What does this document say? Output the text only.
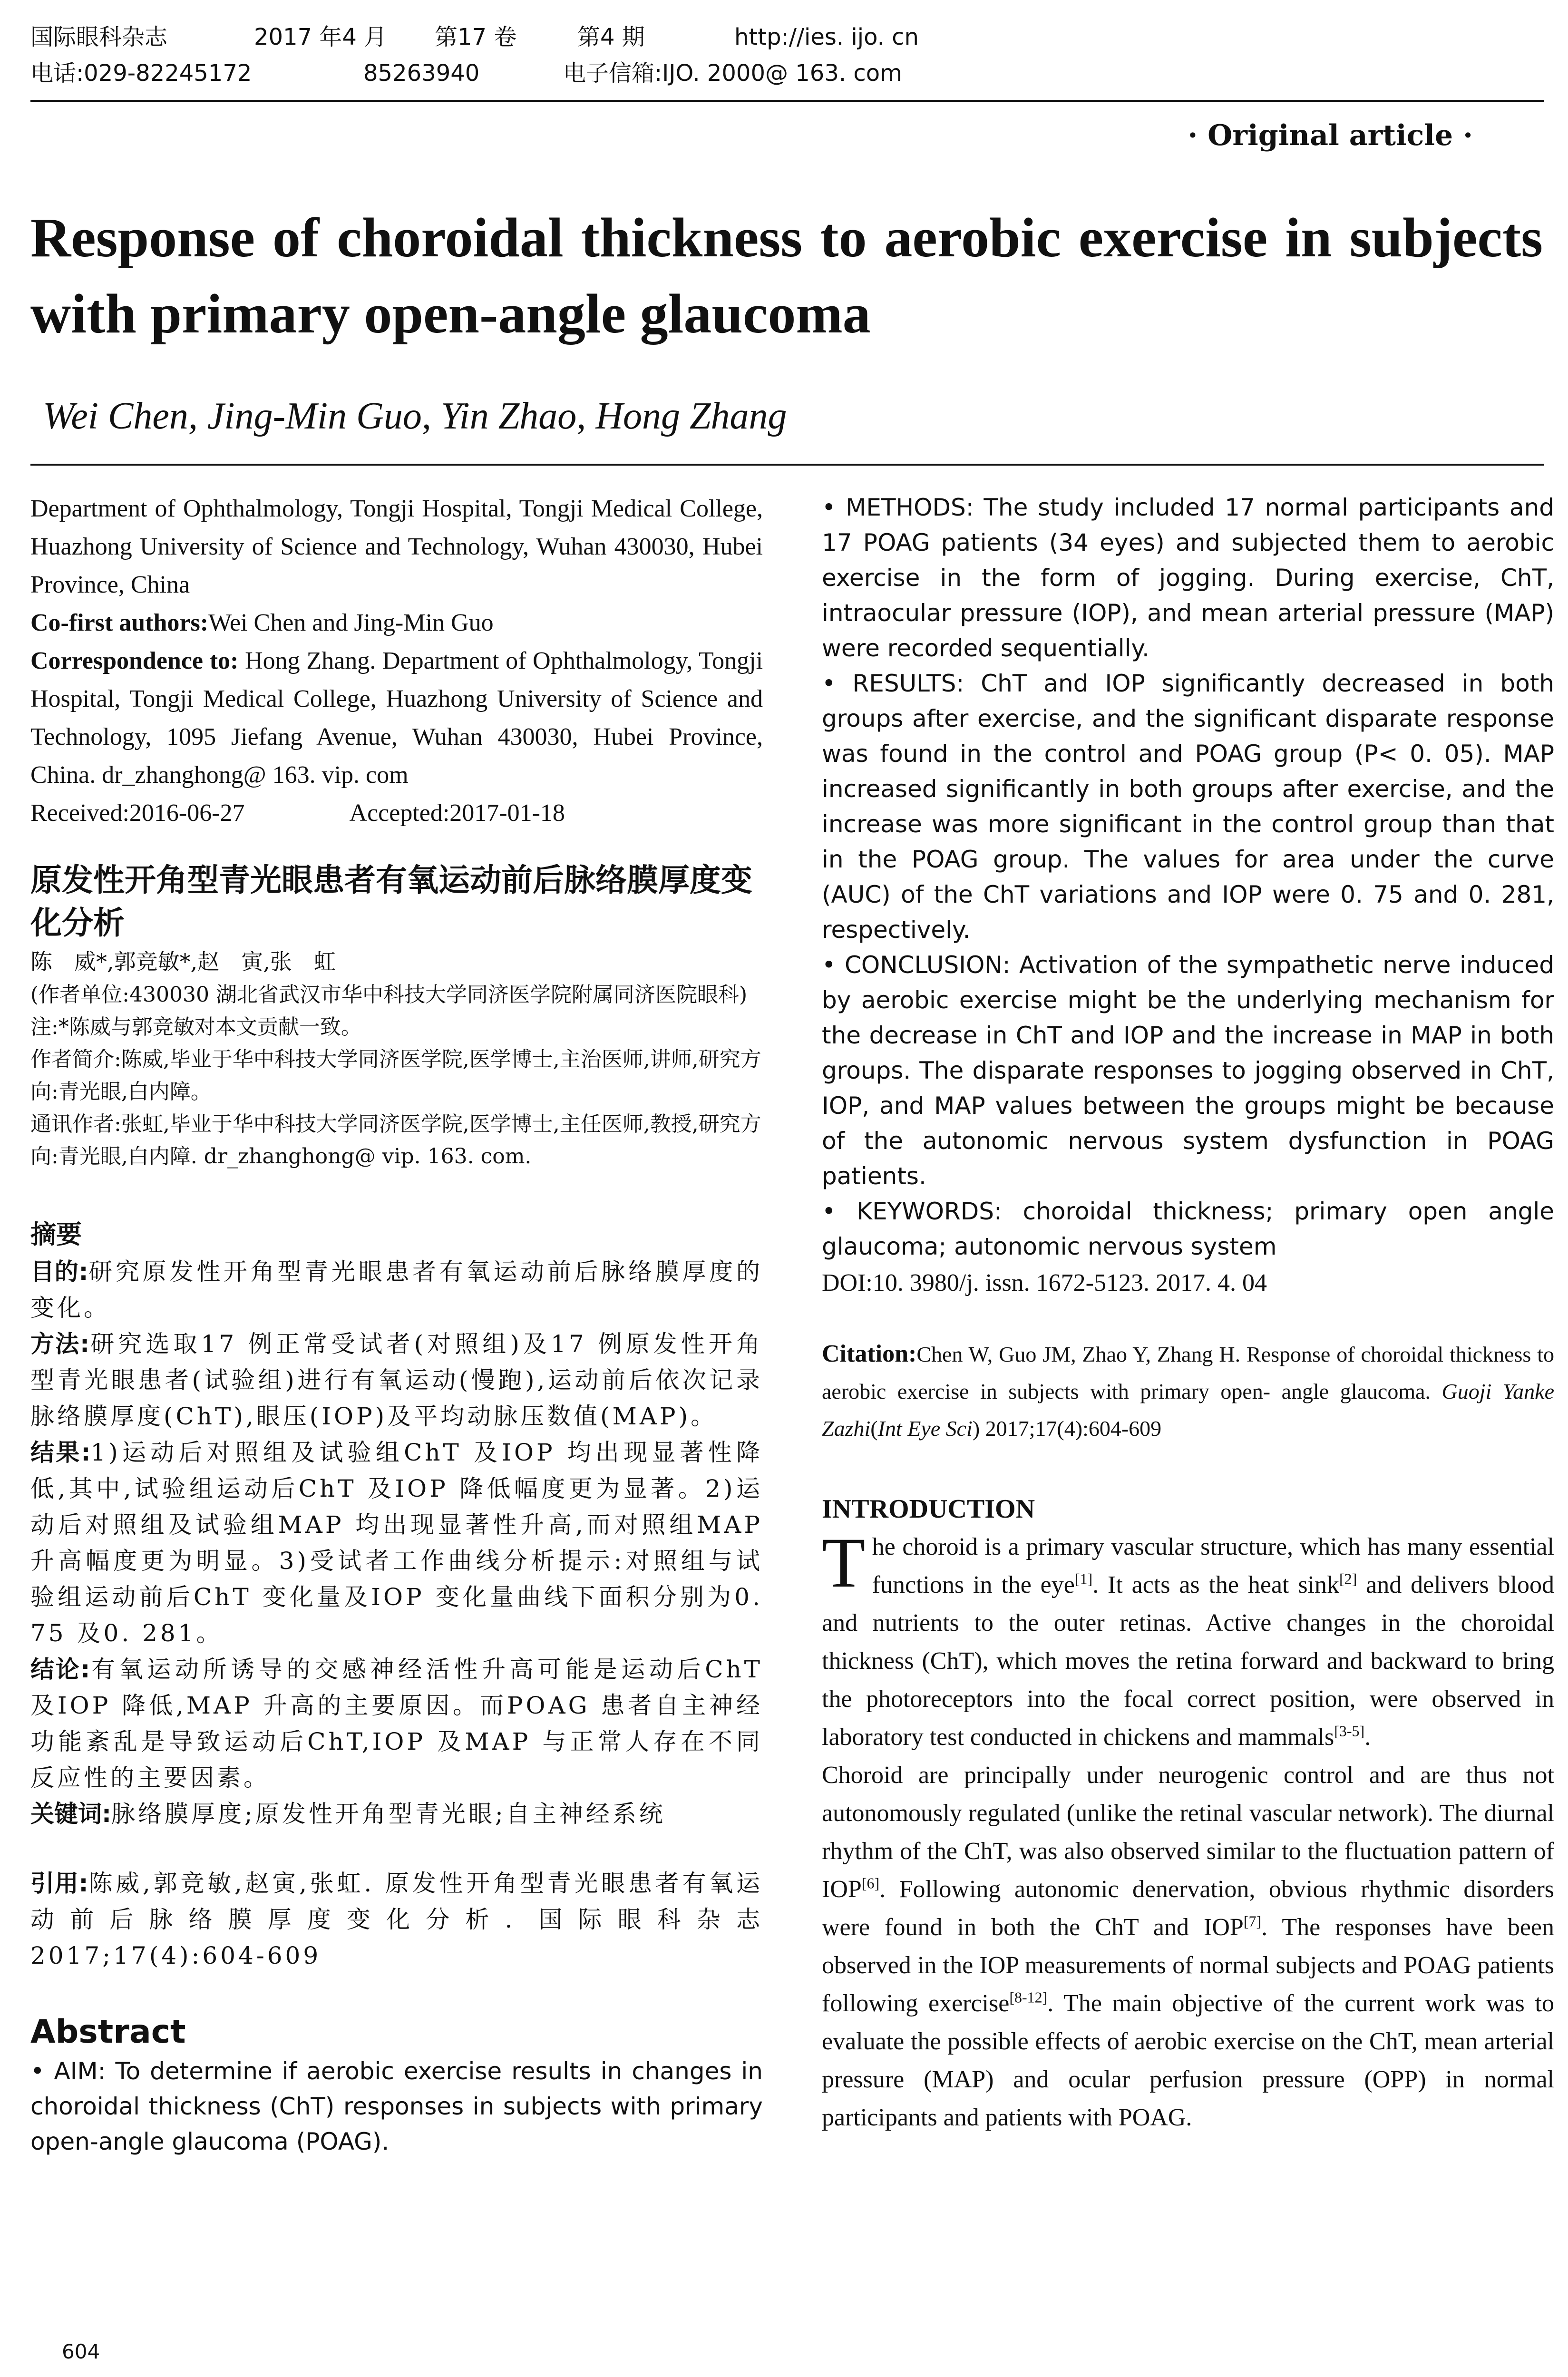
国际眼科杂志	2017 年4 月	第17 卷	第4 期	http://ies. ijo. cn
电话:029-82245172	85263940	电子信箱:IJO. 2000@ 163. com
· Original article ·
Response of choroidal thickness to aerobic exercise in subjects with primary open-angle glaucoma
Wei Chen, Jing-Min Guo, Yin Zhao, Hong Zhang
Department of Ophthalmology, Tongji Hospital, Tongji Medical College, Huazhong University of Science and Technology, Wuhan 430030, Hubei Province, China
Co-first authors:Wei Chen and Jing-Min Guo
Correspondence to: Hong Zhang. Department of Ophthalmology, Tongji Hospital, Tongji Medical College, Huazhong University of Science and Technology, 1095 Jiefang Avenue, Wuhan 430030, Hubei Province, China. dr_zhanghong@ 163. vip. com
Received:2016-06-27	Accepted:2017-01-18
原发性开角型青光眼患者有氧运动前后脉络膜厚度变化分析
陈　威*,郭竞敏*,赵　寅,张　虹
(作者单位:430030 湖北省武汉市华中科技大学同济医学院附属同济医院眼科)
注:*陈威与郭竞敏对本文贡献一致。
作者简介:陈威,毕业于华中科技大学同济医学院,医学博士,主治医师,讲师,研究方向:青光眼,白内障。
通讯作者:张虹,毕业于华中科技大学同济医学院,医学博士,主任医师,教授,研究方向:青光眼,白内障. dr_zhanghong@ vip. 163. com.
摘要
目的:研究原发性开角型青光眼患者有氧运动前后脉络膜厚度的变化。
方法:研究选取17 例正常受试者(对照组)及17 例原发性开角型青光眼患者(试验组)进行有氧运动(慢跑),运动前后依次记录脉络膜厚度(ChT),眼压(IOP)及平均动脉压数值(MAP)。
结果:1)运动后对照组及试验组ChT 及IOP 均出现显著性降低,其中,试验组运动后ChT 及IOP 降低幅度更为显著。2)运动后对照组及试验组MAP 均出现显著性升高,而对照组MAP 升高幅度更为明显。3)受试者工作曲线分析提示:对照组与试验组运动前后ChT 变化量及IOP 变化量曲线下面积分别为0. 75 及0. 281。
结论:有氧运动所诱导的交感神经活性升高可能是运动后ChT 及IOP 降低,MAP 升高的主要原因。而POAG 患者自主神经功能紊乱是导致运动后ChT,IOP 及MAP 与正常人存在不同反应性的主要因素。
关键词:脉络膜厚度;原发性开角型青光眼;自主神经系统
引用:陈威,郭竞敏,赵寅,张虹. 原发性开角型青光眼患者有氧运动前后脉络膜厚度变化分析. 国际眼科杂志 2017;17(4):604-609
Abstract

• AIM: To determine if aerobic exercise results in changes in choroidal thickness (ChT) responses in subjects with primary open-angle glaucoma (POAG).

• METHODS: The study included 17 normal participants and 17 POAG patients (34 eyes) and subjected them to aerobic exercise in the form of jogging. During exercise, ChT, intraocular pressure (IOP), and mean arterial pressure (MAP) were recorded sequentially.

• RESULTS: ChT and IOP significantly decreased in both groups after exercise, and the significant disparate response was found in the control and POAG group (P< 0. 05). MAP increased significantly in both groups after exercise, and the increase was more significant in the control group than that in the POAG group. The values for area under the curve (AUC) of the ChT variations and IOP were 0. 75 and 0. 281, respectively.

• CONCLUSION: Activation of the sympathetic nerve induced by aerobic exercise might be the underlying mechanism for the decrease in ChT and IOP and the increase in MAP in both groups. The disparate responses to jogging observed in ChT, IOP, and MAP values between the groups might be because of the autonomic nervous system dysfunction in POAG patients.

• KEYWORDS: choroidal thickness; primary open angle glaucoma; autonomic nervous system

DOI:10. 3980/j. issn. 1672-5123. 2017. 4. 04
Citation:Chen W, Guo JM, Zhao Y, Zhang H. Response of choroidal thickness to aerobic exercise in subjects with primary open- angle glaucoma. Guoji Yanke Zazhi(Int Eye Sci) 2017;17(4):604-609
INTRODUCTION
The choroid is a primary vascular structure, which has many essential functions in the eye[1]. It acts as the heat sink[2] and delivers blood and nutrients to the outer retinas. Active changes in the choroidal thickness (ChT), which moves the retina forward and backward to bring the photoreceptors into the focal correct position, were observed in laboratory test conducted in chickens and mammals[3-5].
Choroid are principally under neurogenic control and are thus not autonomously regulated (unlike the retinal vascular network). The diurnal rhythm of the ChT, was also observed similar to the fluctuation pattern of IOP[6]. Following autonomic denervation, obvious rhythmic disorders were found in both the ChT and IOP[7]. The responses have been observed in the IOP measurements of normal subjects and POAG patients following exercise[8-12]. The main objective of the current work was to evaluate the possible effects of aerobic exercise on the ChT, mean arterial pressure (MAP) and ocular perfusion pressure (OPP) in normal participants and patients with POAG.
604
